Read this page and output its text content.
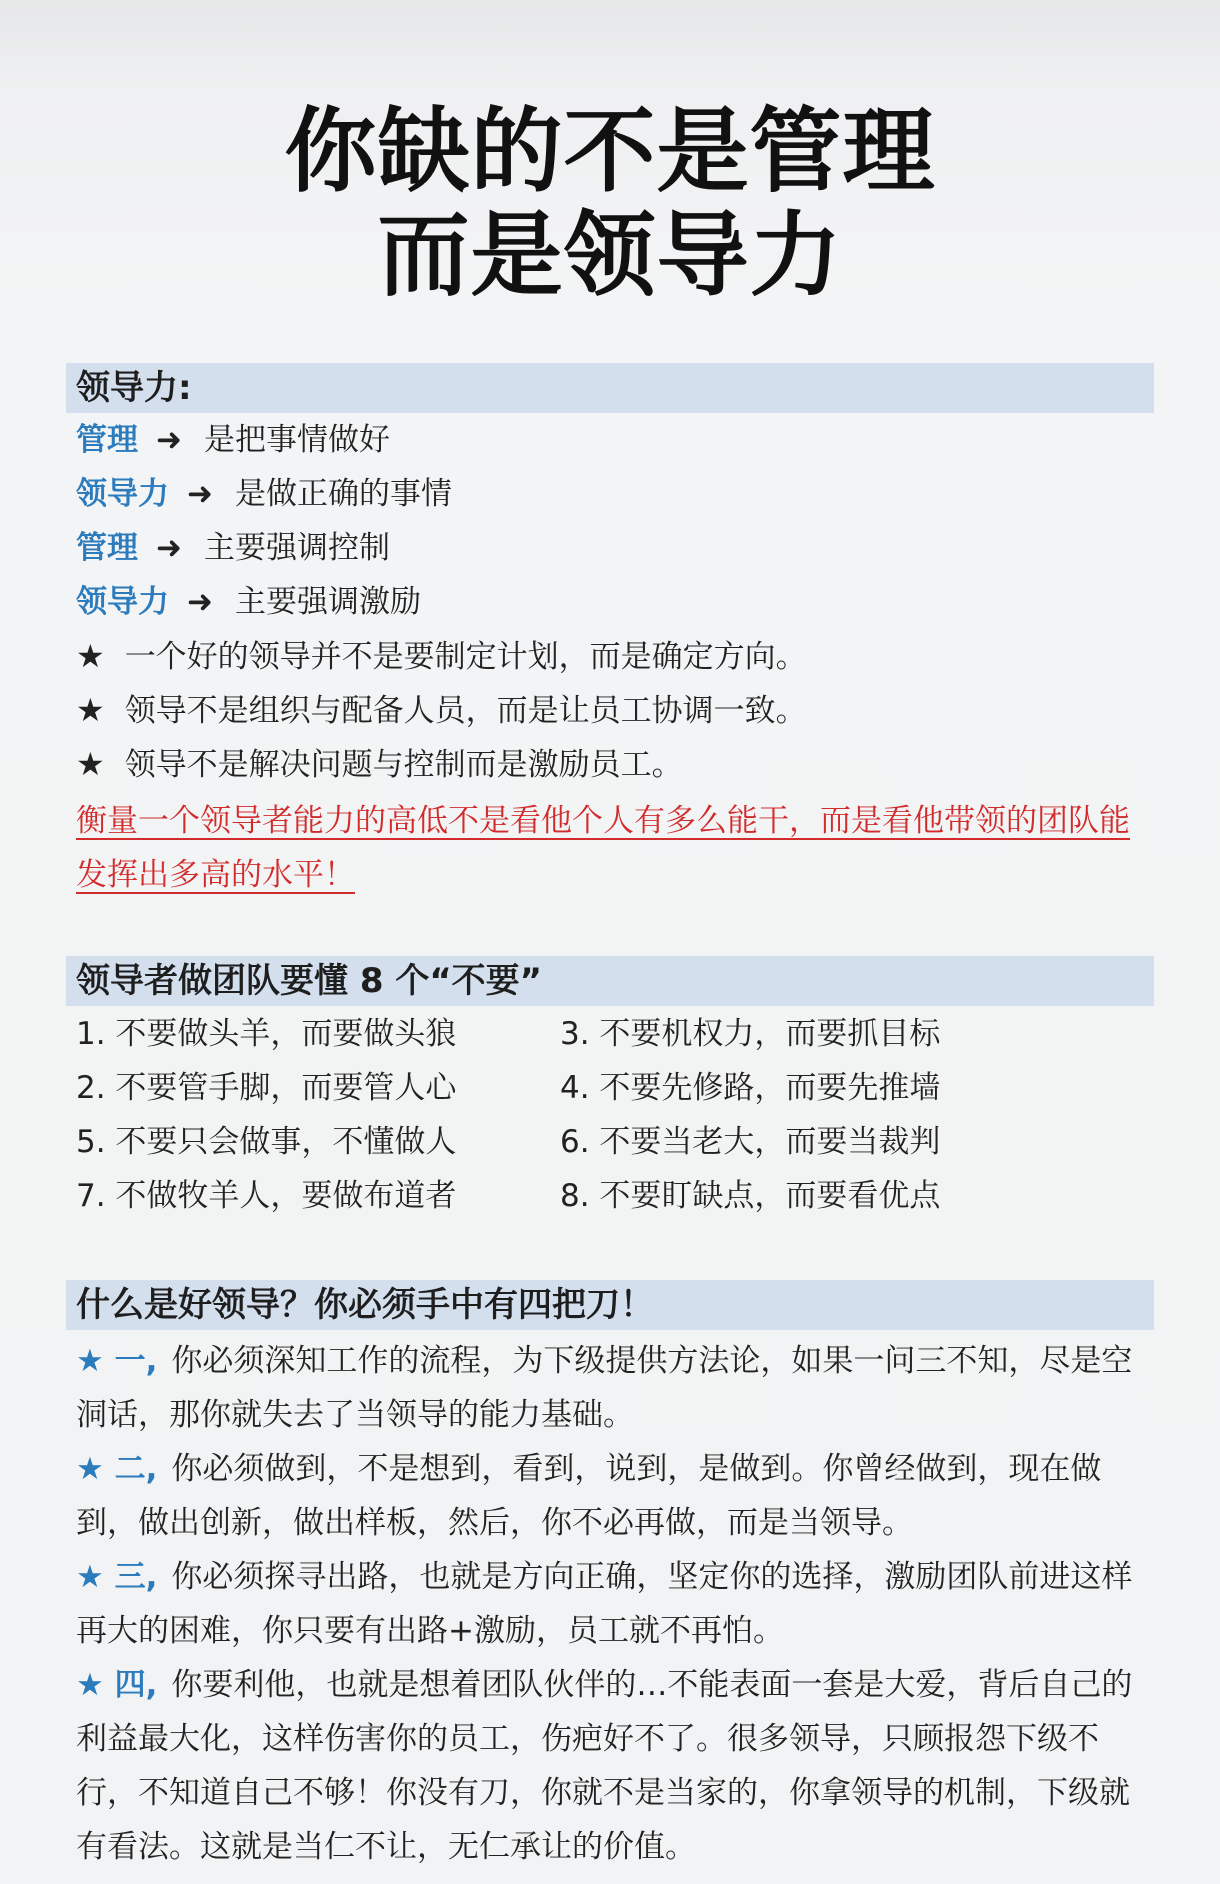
你缺的不是管理
而是领导力
领导力:
管理 ➜ 是把事情做好
领导力 ➜ 是做正确的事情
管理 ➜ 主要强调控制
领导力 ➜ 主要强调激励
★ 一个好的领导并不是要制定计划，而是确定方向。
★ 领导不是组织与配备人员，而是让员工协调一致。
★ 领导不是解决问题与控制而是激励员工。
衡量一个领导者能力的高低不是看他个人有多么能干，而是看他带领的团队能发挥出多高的水平！
领导者做团队要懂 8 个“不要”
1. 不要做头羊，而要做头狼
2. 不要管手脚，而要管人心
5. 不要只会做事，不懂做人
7. 不做牧羊人，要做布道者
3. 不要机权力，而要抓目标
4. 不要先修路，而要先推墙
6. 不要当老大，而要当裁判
8. 不要盯缺点，而要看优点
什么是好领导？你必须手中有四把刀！
★ 一, 你必须深知工作的流程，为下级提供方法论，如果一问三不知，尽是空洞话，那你就失去了当领导的能力基础。
★ 二, 你必须做到，不是想到，看到，说到，是做到。你曾经做到，现在做到，做出创新，做出样板，然后，你不必再做，而是当领导。
★ 三, 你必须探寻出路，也就是方向正确，坚定你的选择，激励团队前进这样再大的困难，你只要有出路+激励，员工就不再怕。
★ 四, 你要利他，也就是想着团队伙伴的…不能表面一套是大爱，背后自己的利益最大化，这样伤害你的员工，伤疤好不了。很多领导，只顾报怨下级不行，不知道自己不够！你没有刀，你就不是当家的，你拿领导的机制，下级就有看法。这就是当仁不让，无仁承让的价值。
